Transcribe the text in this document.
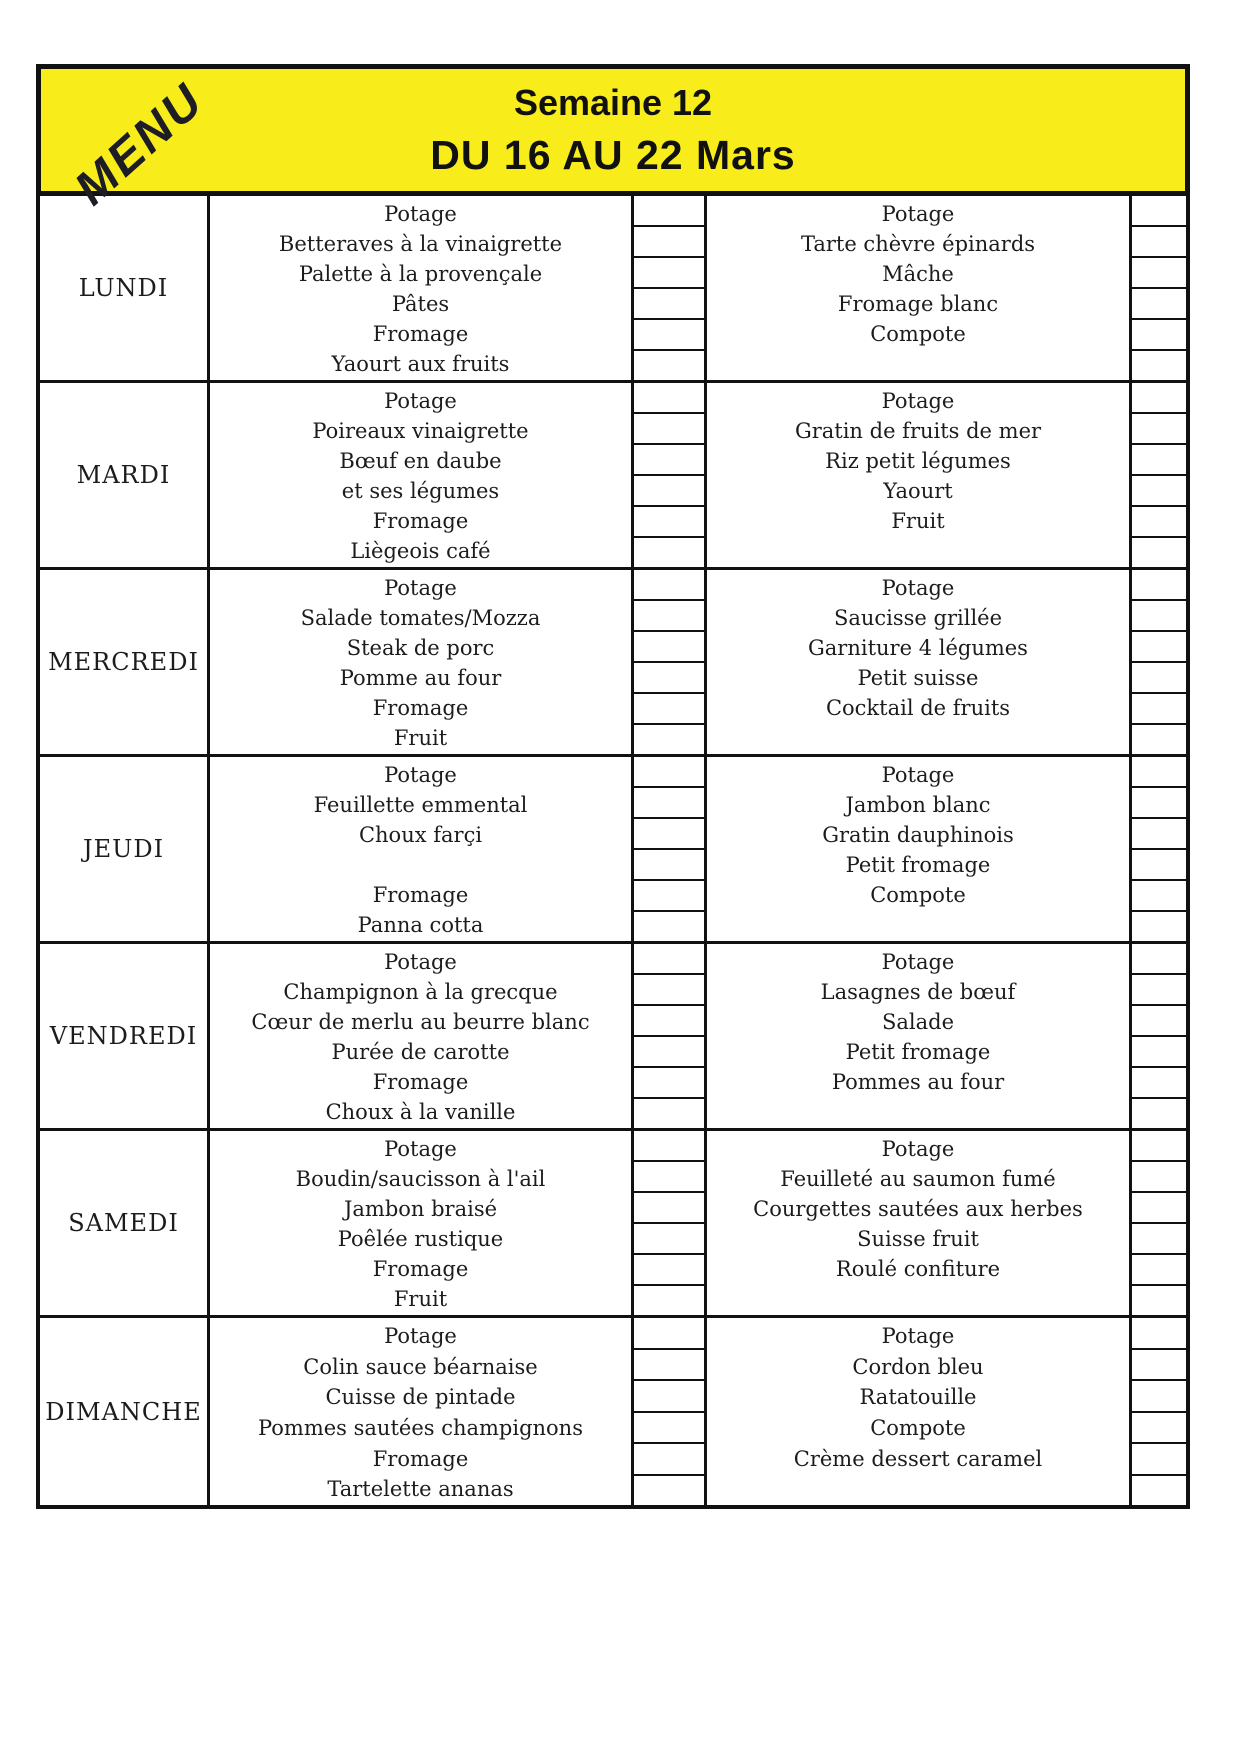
MENU	Semaine 12
DU 16 AU 22 Mars
LUNDI
Potage
Betteraves à la vinaigrette
Palette à la provençale
Pâtes
Fromage
Yaourt aux fruits
Potage
Tarte chèvre épinards
Mâche
Fromage blanc
Compote
MARDI
Potage
Poireaux vinaigrette
Bœuf en daube
et ses légumes
Fromage
Liègeois café
Potage
Gratin de fruits de mer
Riz petit légumes
Yaourt
Fruit
MERCREDI
Potage
Salade tomates/Mozza
Steak de porc
Pomme au four
Fromage
Fruit
Potage
Saucisse grillée
Garniture 4 légumes
Petit suisse
Cocktail de fruits
JEUDI
Potage
Feuillette emmental
Choux farçi
Fromage
Panna cotta
Potage
Jambon blanc
Gratin dauphinois
Petit fromage
Compote
VENDREDI
Potage
Champignon à la grecque
Cœur de merlu au beurre blanc
Purée de carotte
Fromage
Choux à la vanille
Potage
Lasagnes de bœuf
Salade
Petit fromage
Pommes au four
SAMEDI
Potage
Boudin/saucisson à l'ail
Jambon braisé
Poêlée rustique
Fromage
Fruit
Potage
Feuilleté au saumon fumé
Courgettes sautées aux herbes
Suisse fruit
Roulé confiture
DIMANCHE
Potage
Colin sauce béarnaise
Cuisse de pintade
Pommes sautées champignons
Fromage
Tartelette ananas
Potage
Cordon bleu
Ratatouille
Compote
Crème dessert caramel
